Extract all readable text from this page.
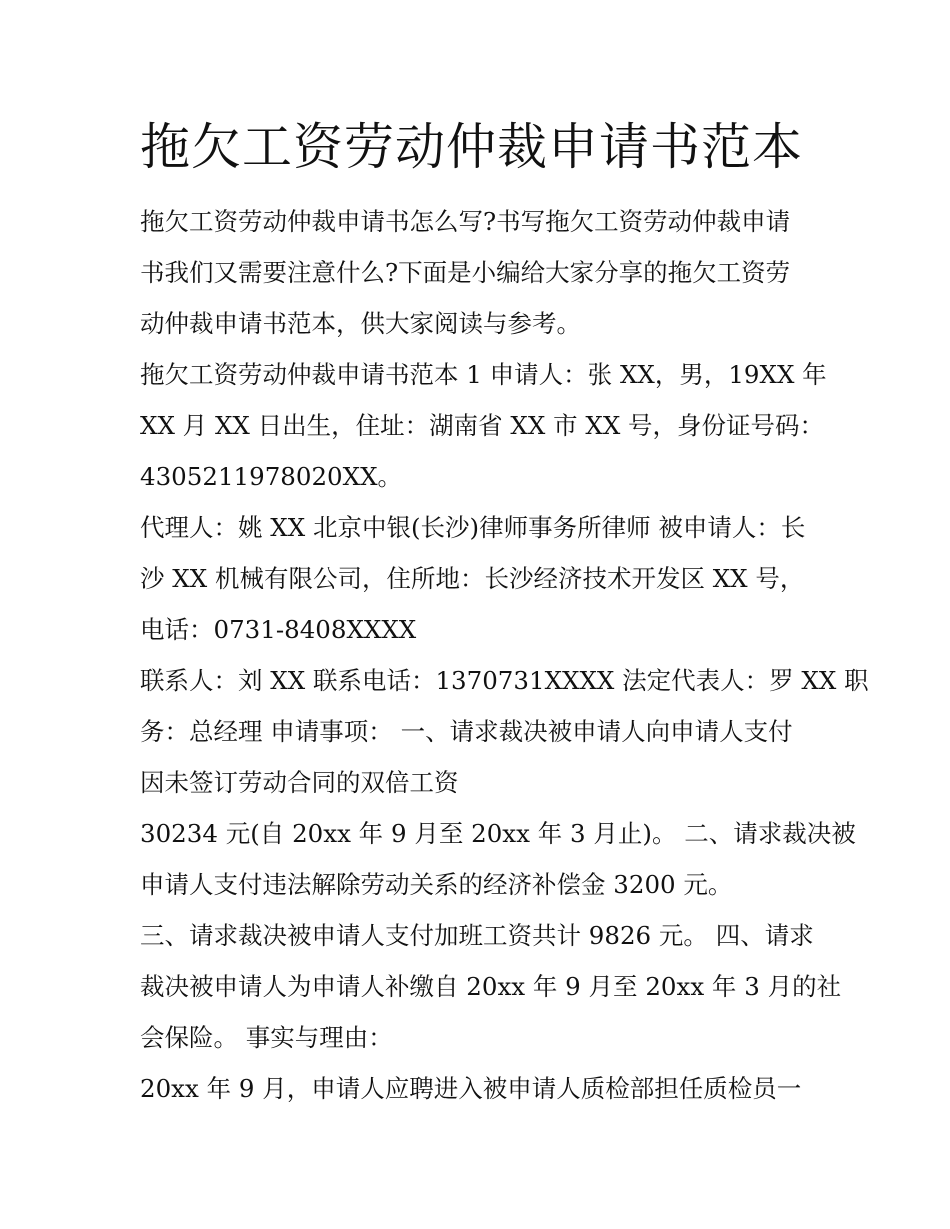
拖欠工资劳动仲裁申请书范本
拖欠工资劳动仲裁申请书怎么写?书写拖欠工资劳动仲裁申请
书我们又需要注意什么?下面是小编给大家分享的拖欠工资劳
动仲裁申请书范本，供大家阅读与参考。
拖欠工资劳动仲裁申请书范本 1 申请人：张 XX，男，19XX 年
XX 月 XX 日出生，住址：湖南省 XX 市 XX 号，身份证号码：
4305211978020XX。
代理人：姚 XX 北京中银(长沙)律师事务所律师 被申请人：长
沙 XX 机械有限公司，住所地：长沙经济技术开发区 XX 号，
电话：0731-8408XXXX
联系人：刘 XX 联系电话：1370731XXXX 法定代表人：罗 XX 职
务：总经理 申请事项： 一、请求裁决被申请人向申请人支付
因未签订劳动合同的双倍工资
30234 元(自 20xx 年 9 月至 20xx 年 3 月止)。 二、请求裁决被
申请人支付违法解除劳动关系的经济补偿金 3200 元。
三、请求裁决被申请人支付加班工资共计 9826 元。 四、请求
裁决被申请人为申请人补缴自 20xx 年 9 月至 20xx 年 3 月的社
会保险。 事实与理由：
20xx 年 9 月，申请人应聘进入被申请人质检部担任质检员一
